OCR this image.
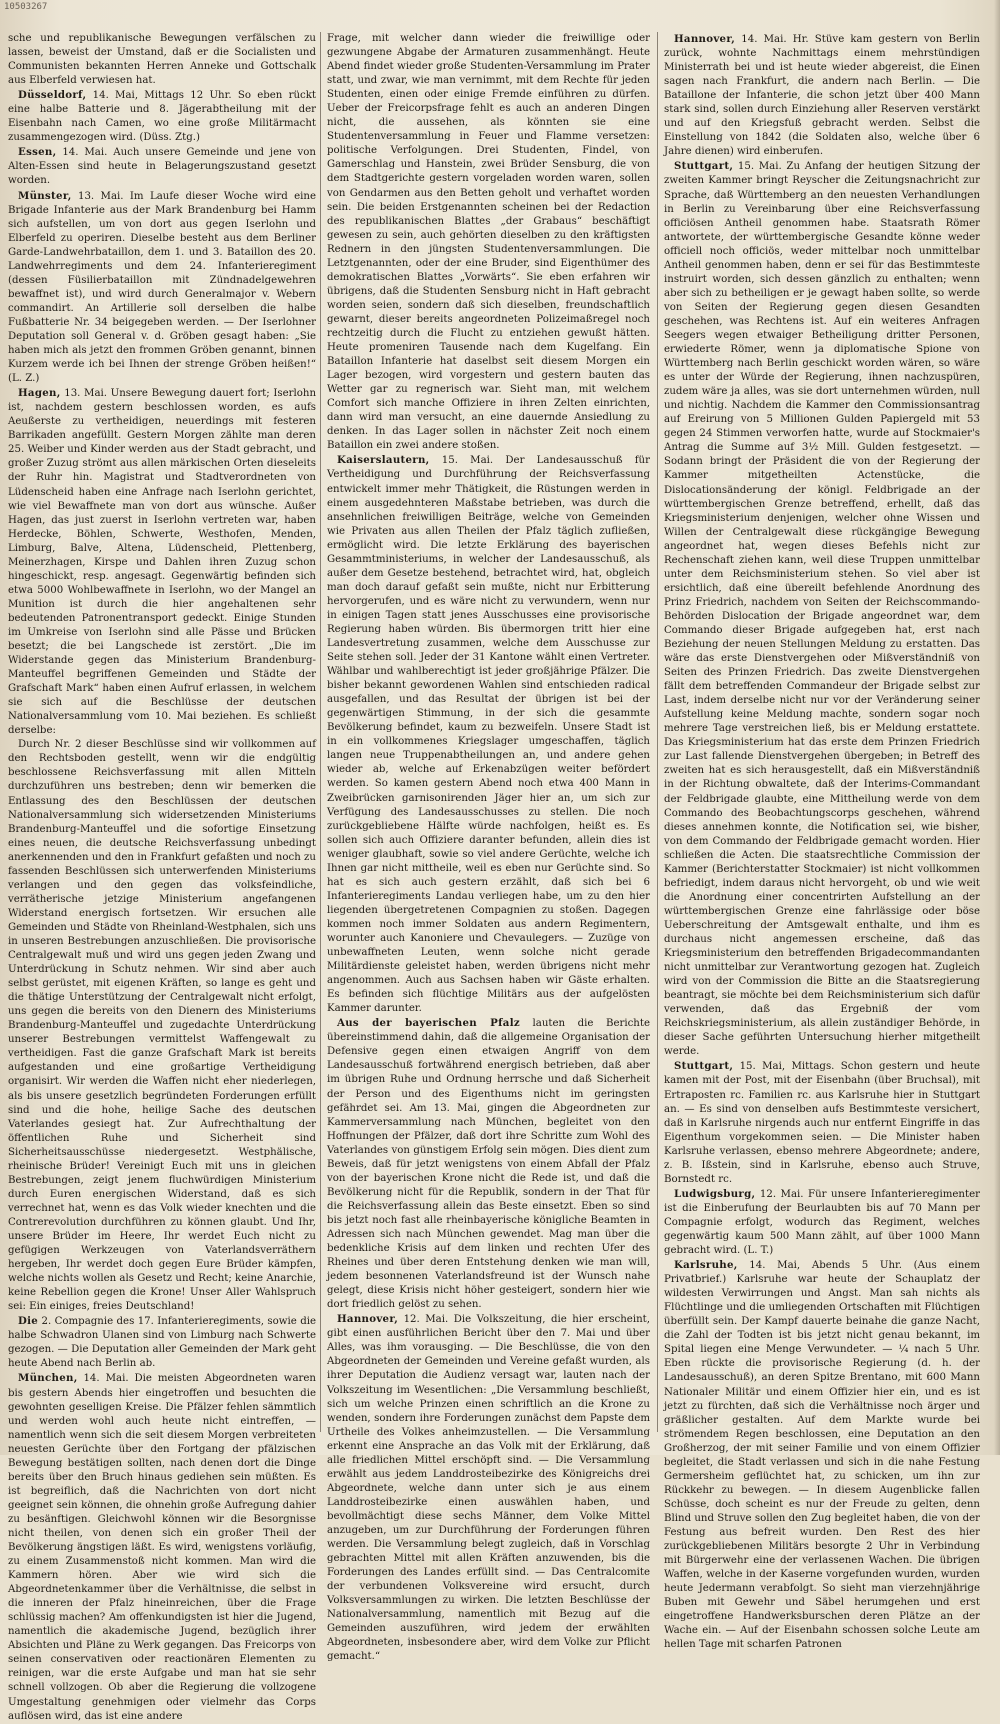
10503267

sche und republikanische Bewegungen verfälschen zu lassen, beweist der Umstand, daß er die Socialisten und Communisten bekannten Herren Anneke und Gottschalk aus Elberfeld verwiesen hat.

Düsseldorf, 14. Mai, Mittags 12 Uhr. So eben rückt eine halbe Batterie und 8. Jägerabtheilung mit der Eisenbahn nach Camen, wo eine große Militärmacht zusammengezogen wird. (Düss. Ztg.)

Essen, 14. Mai. Auch unsere Gemeinde und jene von Alten-Essen sind heute in Belagerungszustand gesetzt worden.

Münster, 13. Mai. Im Laufe dieser Woche wird eine Brigade Infanterie aus der Mark Brandenburg bei Hamm sich aufstellen, um von dort aus gegen Iserlohn und Elberfeld zu operiren. Dieselbe besteht aus dem Berliner Garde-Landwehrbataillon, dem 1. und 3. Bataillon des 20. Landwehrregiments und dem 24. Infanterieregiment (dessen Füsilierbataillon mit Zündnadelgewehren bewaffnet ist), und wird durch Generalmajor v. Webern commandirt. An Artillerie soll derselben die halbe Fußbatterie Nr. 34 beigegeben werden. — Der Iserlohner Deputation soll General v. d. Gröben gesagt haben: „Sie haben mich als jetzt den frommen Gröben genannt, binnen Kurzem werde ich bei Ihnen der strenge Gröben heißen!“ (L. Z.)

Hagen, 13. Mai. Unsere Bewegung dauert fort; Iserlohn ist, nachdem gestern beschlossen worden, es aufs Aeußerste zu vertheidigen, neuerdings mit festeren Barrikaden angefüllt. Gestern Morgen zählte man deren 25. Weiber und Kinder werden aus der Stadt gebracht, und großer Zuzug strömt aus allen märkischen Orten dieseleits der Ruhr hin. Magistrat und Stadtverordneten von Lüdenscheid haben eine Anfrage nach Iserlohn gerichtet, wie viel Bewaffnete man von dort aus wünsche. Außer Hagen, das just zuerst in Iserlohn vertreten war, haben Herdecke, Böhlen, Schwerte, Westhofen, Menden, Limburg, Balve, Altena, Lüdenscheid, Plettenberg, Meinerzhagen, Kirspe und Dahlen ihren Zuzug schon hingeschickt, resp. angesagt. Gegenwärtig befinden sich etwa 5000 Wohlbewaffnete in Iserlohn, wo der Mangel an Munition ist durch die hier angehaltenen sehr bedeutenden Patronentransport gedeckt. Einige Stunden im Umkreise von Iserlohn sind alle Pässe und Brücken besetzt; die bei Langschede ist zerstört. „Die im Widerstande gegen das Ministerium Brandenburg-Manteuffel begriffenen Gemeinden und Städte der Grafschaft Mark“ haben einen Aufruf erlassen, in welchem sie sich auf die Beschlüsse der deutschen Nationalversammlung vom 10. Mai beziehen. Es schließt derselbe:

Durch Nr. 2 dieser Beschlüsse sind wir vollkommen auf den Rechtsboden gestellt, wenn wir die endgültig beschlossene Reichsverfassung mit allen Mitteln durchzuführen uns bestreben; denn wir bemerken die Entlassung des den Beschlüssen der deutschen Nationalversammlung sich widersetzenden Ministeriums Brandenburg-Manteuffel und die sofortige Einsetzung eines neuen, die deutsche Reichsverfassung unbedingt anerkennenden und den in Frankfurt gefaßten und noch zu fassenden Beschlüssen sich unterwerfenden Ministeriums verlangen und den gegen das volksfeindliche, verrätherische jetzige Ministerium angefangenen Widerstand energisch fortsetzen. Wir ersuchen alle Gemeinden und Städte von Rheinland-Westphalen, sich uns in unseren Bestrebungen anzuschließen. Die provisorische Centralgewalt muß und wird uns gegen jeden Zwang und Unterdrückung in Schutz nehmen. Wir sind aber auch selbst gerüstet, mit eigenen Kräften, so lange es geht und die thätige Unterstützung der Centralgewalt nicht erfolgt, uns gegen die bereits von den Dienern des Ministeriums Brandenburg-Manteuffel und zugedachte Unterdrückung unserer Bestrebungen vermittelst Waffengewalt zu vertheidigen. Fast die ganze Grafschaft Mark ist bereits aufgestanden und eine großartige Vertheidigung organisirt. Wir werden die Waffen nicht eher niederlegen, als bis unsere gesetzlich begründeten Forderungen erfüllt sind und die hohe, heilige Sache des deutschen Vaterlandes gesiegt hat. Zur Aufrechthaltung der öffentlichen Ruhe und Sicherheit sind Sicherheitsausschüsse niedergesetzt. Westphälische, rheinische Brüder! Vereinigt Euch mit uns in gleichen Bestrebungen, zeigt jenem fluchwürdigen Ministerium durch Euren energischen Widerstand, daß es sich verrechnet hat, wenn es das Volk wieder knechten und die Contrerevolution durchführen zu können glaubt. Und Ihr, unsere Brüder im Heere, Ihr werdet Euch nicht zu gefügigen Werkzeugen von Vaterlandsverräthern hergeben, Ihr werdet doch gegen Eure Brüder kämpfen, welche nichts wollen als Gesetz und Recht; keine Anarchie, keine Rebellion gegen die Krone! Unser Aller Wahlspruch sei: Ein einiges, freies Deutschland!

Die 2. Compagnie des 17. Infanterieregiments, sowie die halbe Schwadron Ulanen sind von Limburg nach Schwerte gezogen. — Die Deputation aller Gemeinden der Mark geht heute Abend nach Berlin ab.

München, 14. Mai. Die meisten Abgeordneten waren bis gestern Abends hier eingetroffen und besuchten die gewohnten geselligen Kreise. Die Pfälzer fehlen sämmtlich und werden wohl auch heute nicht eintreffen, — namentlich wenn sich die seit diesem Morgen verbreiteten neuesten Gerüchte über den Fortgang der pfälzischen Bewegung bestätigen sollten, nach denen dort die Dinge bereits über den Bruch hinaus gediehen sein müßten. Es ist begreiflich, daß die Nachrichten von dort nicht geeignet sein können, die ohnehin große Aufregung dahier zu besänftigen. Gleichwohl können wir die Besorgnisse nicht theilen, von denen sich ein großer Theil der Bevölkerung ängstigen läßt. Es wird, wenigstens vorläufig, zu einem Zusammenstoß nicht kommen. Man wird die Kammern hören. Aber wie wird sich die Abgeordnetenkammer über die Verhältnisse, die selbst in die inneren der Pfalz hineinreichen, über die Frage schlüssig machen? Am offenkundigsten ist hier die Jugend, namentlich die akademische Jugend, bezüglich ihrer Absichten und Pläne zu Werk gegangen. Das Freicorps von seinen conservativen oder reactionären Elementen zu reinigen, war die erste Aufgabe und man hat sie sehr schnell vollzogen. Ob aber die Regierung die vollzogene Umgestaltung genehmigen oder vielmehr das Corps auflösen wird, das ist eine andere

Frage, mit welcher dann wieder die freiwillige oder gezwungene Abgabe der Armaturen zusammenhängt. Heute Abend findet wieder große Studenten-Versammlung im Prater statt, und zwar, wie man vernimmt, mit dem Rechte für jeden Studenten, einen oder einige Fremde einführen zu dürfen. Ueber der Freicorpsfrage fehlt es auch an anderen Dingen nicht, die aussehen, als könnten sie eine Studentenversammlung in Feuer und Flamme versetzen: politische Verfolgungen. Drei Studenten, Findel, von Gamerschlag und Hanstein, zwei Brüder Sensburg, die von dem Stadtgerichte gestern vorgeladen worden waren, sollen von Gendarmen aus den Betten geholt und verhaftet worden sein. Die beiden Erstgenannten scheinen bei der Redaction des republikanischen Blattes „der Grabaus“ beschäftigt gewesen zu sein, auch gehörten dieselben zu den kräftigsten Rednern in den jüngsten Studentenversammlungen. Die Letztgenannten, oder der eine Bruder, sind Eigenthümer des demokratischen Blattes „Vorwärts“. Sie eben erfahren wir übrigens, daß die Studenten Sensburg nicht in Haft gebracht worden seien, sondern daß sich dieselben, freundschaftlich gewarnt, dieser bereits angeordneten Polizeimaßregel noch rechtzeitig durch die Flucht zu entziehen gewußt hätten. Heute promeniren Tausende nach dem Kugelfang. Ein Bataillon Infanterie hat daselbst seit diesem Morgen ein Lager bezogen, wird vorgestern und gestern bauten das Wetter gar zu regnerisch war. Sieht man, mit welchem Comfort sich manche Offiziere in ihren Zelten einrichten, dann wird man versucht, an eine dauernde Ansiedlung zu denken. In das Lager sollen in nächster Zeit noch einem Bataillon ein zwei andere stoßen.

Kaiserslautern, 15. Mai. Der Landesausschuß für Vertheidigung und Durchführung der Reichsverfassung entwickelt immer mehr Thätigkeit, die Rüstungen werden in einem ausgedehnteren Maßstabe betrieben, was durch die ansehnlichen freiwilligen Beiträge, welche von Gemeinden wie Privaten aus allen Theilen der Pfalz täglich zufließen, ermöglicht wird. Die letzte Erklärung des bayerischen Gesammtministeriums, in welcher der Landesausschuß, als außer dem Gesetze bestehend, betrachtet wird, hat, obgleich man doch darauf gefaßt sein mußte, nicht nur Erbitterung hervorgerufen, und es wäre nicht zu verwundern, wenn nur in einigen Tagen statt jenes Ausschusses eine provisorische Regierung haben würden. Bis übermorgen tritt hier eine Landesvertretung zusammen, welche dem Ausschusse zur Seite stehen soll. Jeder der 31 Kantone wählt einen Vertreter. Wählbar und wahlberechtigt ist jeder großjährige Pfälzer. Die bisher bekannt gewordenen Wahlen sind entschieden radical ausgefallen, und das Resultat der übrigen ist bei der gegenwärtigen Stimmung, in der sich die gesammte Bevölkerung befindet, kaum zu bezweifeln. Unsere Stadt ist in ein vollkommenes Kriegslager umgeschaffen, täglich langen neue Truppenabtheilungen an, und andere gehen wieder ab, welche auf Erkenabzügen weiter befördert werden. So kamen gestern Abend noch etwa 400 Mann in Zweibrücken garnisonirenden Jäger hier an, um sich zur Verfügung des Landesausschusses zu stellen. Die noch zurückgebliebene Hälfte würde nachfolgen, heißt es. Es sollen sich auch Offiziere daranter befunden, allein dies ist weniger glaubhaft, sowie so viel andere Gerüchte, welche ich Ihnen gar nicht mittheile, weil es eben nur Gerüchte sind. So hat es sich auch gestern erzählt, daß sich bei 6 Infanterieregiments Landau verliegen habe, um zu den hier liegenden übergetretenen Compagnien zu stoßen. Dagegen kommen noch immer Soldaten aus andern Regimentern, worunter auch Kanoniere und Chevaulegers. — Zuzüge von unbewaffneten Leuten, wenn solche nicht gerade Militärdienste geleistet haben, werden übrigens nicht mehr angenommen. Auch aus Sachsen haben wir Gäste erhalten. Es befinden sich flüchtige Militärs aus der aufgelösten Kammer darunter.

Aus der bayerischen Pfalz lauten die Berichte übereinstimmend dahin, daß die allgemeine Organisation der Defensive gegen einen etwaigen Angriff von dem Landesausschuß fortwährend energisch betrieben, daß aber im übrigen Ruhe und Ordnung herrsche und daß Sicherheit der Person und des Eigenthums nicht im geringsten gefährdet sei. Am 13. Mai, gingen die Abgeordneten zur Kammerversammlung nach München, begleitet von den Hoffnungen der Pfälzer, daß dort ihre Schritte zum Wohl des Vaterlandes von günstigem Erfolg sein mögen. Dies dient zum Beweis, daß für jetzt wenigstens von einem Abfall der Pfalz von der bayerischen Krone nicht die Rede ist, und daß die Bevölkerung nicht für die Republik, sondern in der That für die Reichsverfassung allein das Beste einsetzt. Eben so sind bis jetzt noch fast alle rheinbayerische königliche Beamten in Adressen sich nach München gewendet. Mag man über die bedenkliche Krisis auf dem linken und rechten Ufer des Rheines und über deren Entstehung denken wie man will, jedem besonnenen Vaterlandsfreund ist der Wunsch nahe gelegt, diese Krisis nicht höher gesteigert, sondern hier wie dort friedlich gelöst zu sehen.

Hannover, 12. Mai. Die Volkszeitung, die hier erscheint, gibt einen ausführlichen Bericht über den 7. Mai und über Alles, was ihm vorausging. — Die Beschlüsse, die von den Abgeordneten der Gemeinden und Vereine gefaßt wurden, als ihrer Deputation die Audienz versagt war, lauten nach der Volkszeitung im Wesentlichen: „Die Versammlung beschließt, sich um welche Prinzen einen schriftlich an die Krone zu wenden, sondern ihre Forderungen zunächst dem Papste dem Urtheile des Volkes anheimzustellen. — Die Versammlung erkennt eine Ansprache an das Volk mit der Erklärung, daß alle friedlichen Mittel erschöpft sind. — Die Versammlung erwählt aus jedem Landdrosteibezirke des Königreichs drei Abgeordnete, welche dann unter sich je aus einem Landdrosteibezirke einen auswählen haben, und bevollmächtigt diese sechs Männer, dem Volke Mittel anzugeben, um zur Durchführung der Forderungen führen werden. Die Versammlung belegt zugleich, daß in Vorschlag gebrachten Mittel mit allen Kräften anzuwenden, bis die Forderungen des Landes erfüllt sind. — Das Centralcomite der verbundenen Volksvereine wird ersucht, durch Volksversammlungen zu wirken. Die letzten Beschlüsse der Nationalversammlung, namentlich mit Bezug auf die Gemeinden auszuführen, wird jedem der erwählten Abgeordneten, insbesondere aber, wird dem Volke zur Pflicht gemacht.“

Hannover, 14. Mai. Hr. Stüve kam gestern von Berlin zurück, wohnte Nachmittags einem mehrstündigen Ministerrath bei und ist heute wieder abgereist, die Einen sagen nach Frankfurt, die andern nach Berlin. — Die Bataillone der Infanterie, die schon jetzt über 400 Mann stark sind, sollen durch Einziehung aller Reserven verstärkt und auf den Kriegsfuß gebracht werden. Selbst die Einstellung von 1842 (die Soldaten also, welche über 6 Jahre dienen) wird einberufen.

Stuttgart, 15. Mai. Zu Anfang der heutigen Sitzung der zweiten Kammer bringt Reyscher die Zeitungsnachricht zur Sprache, daß Württemberg an den neuesten Verhandlungen in Berlin zu Vereinbarung über eine Reichsverfassung officiösen Antheil genommen habe. Staatsrath Römer antwortete, der württembergische Gesandte könne weder officiell noch officiös, weder mittelbar noch unmittelbar Antheil genommen haben, denn er sei für das Bestimmteste instruirt worden, sich dessen gänzlich zu enthalten; wenn aber sich zu betheiligen er je gewagt haben sollte, so werde von Seiten der Regierung gegen diesen Gesandten geschehen, was Rechtens ist. Auf ein weiteres Anfragen Seegers wegen etwaiger Betheiligung dritter Personen, erwiederte Römer, wenn ja diplomatische Spione von Württemberg nach Berlin geschickt worden wären, so wäre es unter der Würde der Regierung, ihnen nachzuspüren, zudem wäre ja alles, was sie dort unternehmen würden, null und nichtig. Nachdem die Kammer den Commissionsantrag auf Ereirung von 5 Millionen Gulden Papiergeld mit 53 gegen 24 Stimmen verworfen hatte, wurde auf Stockmaier's Antrag die Summe auf 3½ Mill. Gulden festgesetzt. — Sodann bringt der Präsident die von der Regierung der Kammer mitgetheilten Actenstücke, die Dislocationsänderung der königl. Feldbrigade an der württembergischen Grenze betreffend, erhellt, daß das Kriegsministerium denjenigen, welcher ohne Wissen und Willen der Centralgewalt diese rückgängige Bewegung angeordnet hat, wegen dieses Befehls nicht zur Rechenschaft ziehen kann, weil diese Truppen unmittelbar unter dem Reichsministerium stehen. So viel aber ist ersichtlich, daß eine übereilt befehlende Anordnung des Prinz Friedrich, nachdem von Seiten der Reichscommando-Behörden Dislocation der Brigade angeordnet war, dem Commando dieser Brigade aufgegeben hat, erst nach Beziehung der neuen Stellungen Meldung zu erstatten. Das wäre das erste Dienstvergehen oder Mißverständniß von Seiten des Prinzen Friedrich. Das zweite Dienstvergehen fällt dem betreffenden Commandeur der Brigade selbst zur Last, indem derselbe nicht nur vor der Veränderung seiner Aufstellung keine Meldung machte, sondern sogar noch mehrere Tage verstreichen ließ, bis er Meldung erstattete. Das Kriegsministerium hat das erste dem Prinzen Friedrich zur Last fallende Dienstvergehen übergeben; in Betreff des zweiten hat es sich herausgestellt, daß ein Mißverständniß in der Richtung obwaltete, daß der Interims-Commandant der Feldbrigade glaubte, eine Mittheilung werde von dem Commando des Beobachtungscorps geschehen, während dieses annehmen konnte, die Notification sei, wie bisher, von dem Commando der Feldbrigade gemacht worden. Hier schließen die Acten. Die staatsrechtliche Commission der Kammer (Berichterstatter Stockmaier) ist nicht vollkommen befriedigt, indem daraus nicht hervorgeht, ob und wie weit die Anordnung einer concentrirten Aufstellung an der württembergischen Grenze eine fahrlässige oder böse Ueberschreitung der Amtsgewalt enthalte, und ihm es durchaus nicht angemessen erscheine, daß das Kriegsministerium den betreffenden Brigadecommandanten nicht unmittelbar zur Verantwortung gezogen hat. Zugleich wird von der Commission die Bitte an die Staatsregierung beantragt, sie möchte bei dem Reichsministerium sich dafür verwenden, daß das Ergebniß der vom Reichskriegsministerium, als allein zuständiger Behörde, in dieser Sache geführten Untersuchung hierher mitgetheilt werde.

Stuttgart, 15. Mai, Mittags. Schon gestern und heute kamen mit der Post, mit der Eisenbahn (über Bruchsal), mit Ertraposten rc. Familien rc. aus Karlsruhe hier in Stuttgart an. — Es sind von denselben aufs Bestimmteste versichert, daß in Karlsruhe nirgends auch nur entfernt Eingriffe in das Eigenthum vorgekommen seien. — Die Minister haben Karlsruhe verlassen, ebenso mehrere Abgeordnete; andere, z. B. Ißstein, sind in Karlsruhe, ebenso auch Struve, Bornstedt rc.

Ludwigsburg, 12. Mai. Für unsere Infanterieregimenter ist die Einberufung der Beurlaubten bis auf 70 Mann per Compagnie erfolgt, wodurch das Regiment, welches gegenwärtig kaum 500 Mann zählt, auf über 1000 Mann gebracht wird. (L. T.)

Karlsruhe, 14. Mai, Abends 5 Uhr. (Aus einem Privatbrief.) Karlsruhe war heute der Schauplatz der wildesten Verwirrungen und Angst. Man sah nichts als Flüchtlinge und die umliegenden Ortschaften mit Flüchtigen überfüllt sein. Der Kampf dauerte beinahe die ganze Nacht, die Zahl der Todten ist bis jetzt nicht genau bekannt, im Spital liegen eine Menge Verwundeter. — ¼ nach 5 Uhr. Eben rückte die provisorische Regierung (d. h. der Landesausschuß), an deren Spitze Brentano, mit 600 Mann Nationaler Militär und einem Offizier hier ein, und es ist jetzt zu fürchten, daß sich die Verhältnisse noch ärger und gräßlicher gestalten. Auf dem Markte wurde bei strömendem Regen beschlossen, eine Deputation an den Großherzog, der mit seiner Familie und von einem Offizier begleitet, die Stadt verlassen und sich in die nahe Festung Germersheim geflüchtet hat, zu schicken, um ihn zur Rückkehr zu bewegen. — In diesem Augenblicke fallen Schüsse, doch scheint es nur der Freude zu gelten, denn Blind und Struve sollen den Zug begleitet haben, die von der Festung aus befreit wurden. Den Rest des hier zurückgebliebenen Militärs besorgte 2 Uhr in Verbindung mit Bürgerwehr eine der verlassenen Wachen. Die übrigen Waffen, welche in der Kaserne vorgefunden wurden, wurden heute Jedermann verabfolgt. So sieht man vierzehnjährige Buben mit Gewehr und Säbel herumgehen und erst eingetroffene Handwerksburschen deren Plätze an der Wache ein. — Auf der Eisenbahn schossen solche Leute am hellen Tage mit scharfen Patronen
